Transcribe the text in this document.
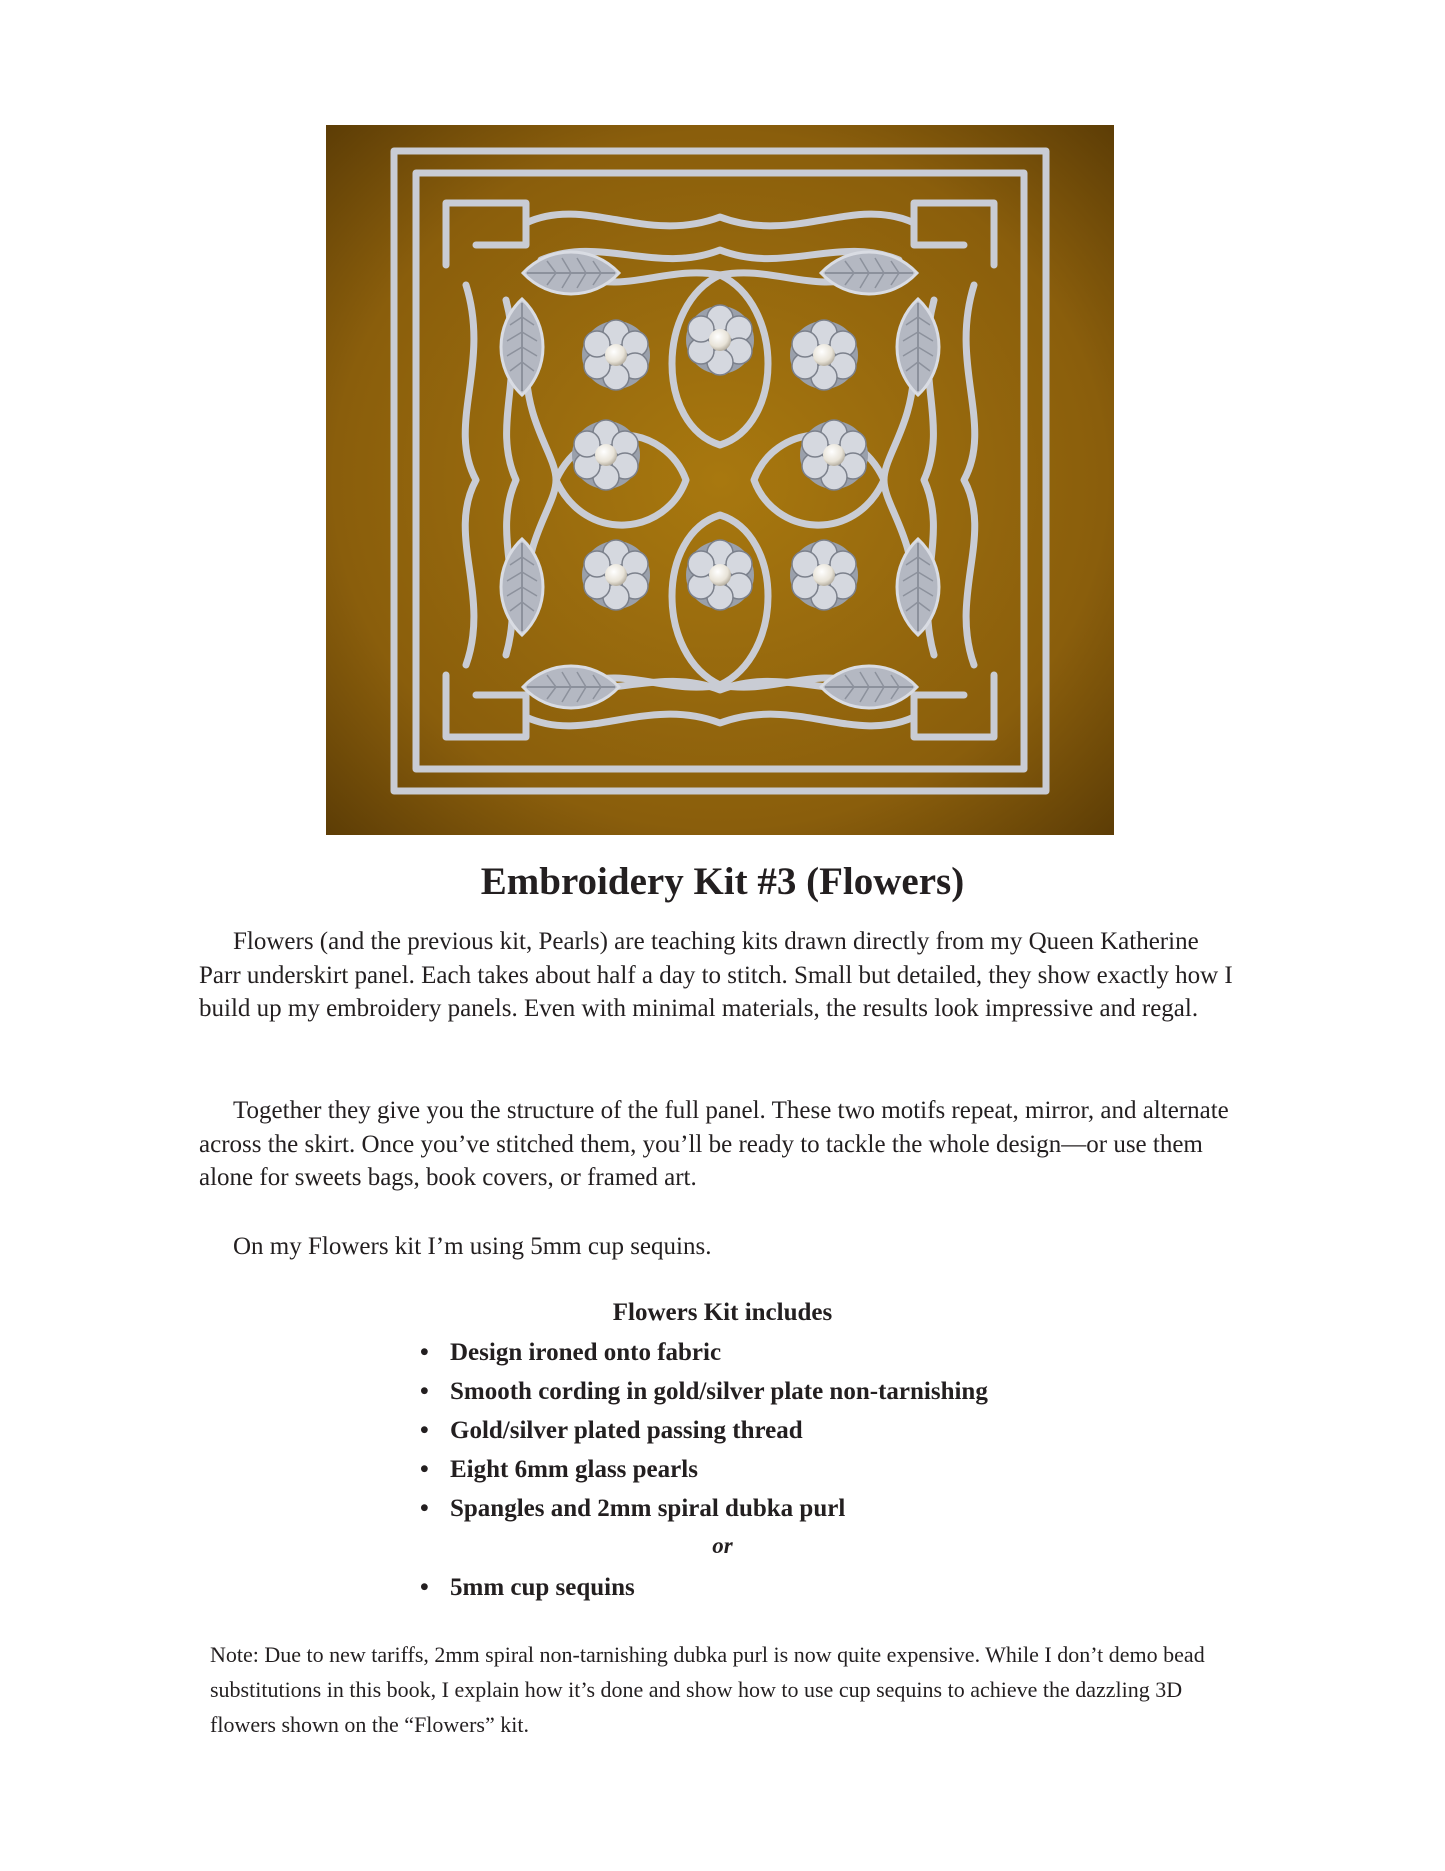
Embroidery Kit #3 (Flowers)

Flowers (and the previous kit, Pearls) are teaching kits drawn directly from my Queen Katherine Parr underskirt panel. Each takes about half a day to stitch. Small but detailed, they show exactly how I build up my embroidery panels. Even with minimal materials, the results look impressive and regal.

Together they give you the structure of the full panel. These two motifs repeat, mirror, and alternate across the skirt. Once you’ve stitched them, you’ll be ready to tackle the whole design—or use them alone for sweets bags, book covers, or framed art.

On my Flowers kit I’m using 5mm cup sequins.

Flowers Kit includes

• Design ironed onto fabric
• Smooth cording in gold/silver plate non-tarnishing
• Gold/silver plated passing thread
• Eight 6mm glass pearls
• Spangles and 2mm spiral dubka purl

or

• 5mm cup sequins

Note: Due to new tariffs, 2mm spiral non-tarnishing dubka purl is now quite expensive. While I don’t demo bead substitutions in this book, I explain how it’s done and show how to use cup sequins to achieve the dazzling 3D flowers shown on the “Flowers” kit.
